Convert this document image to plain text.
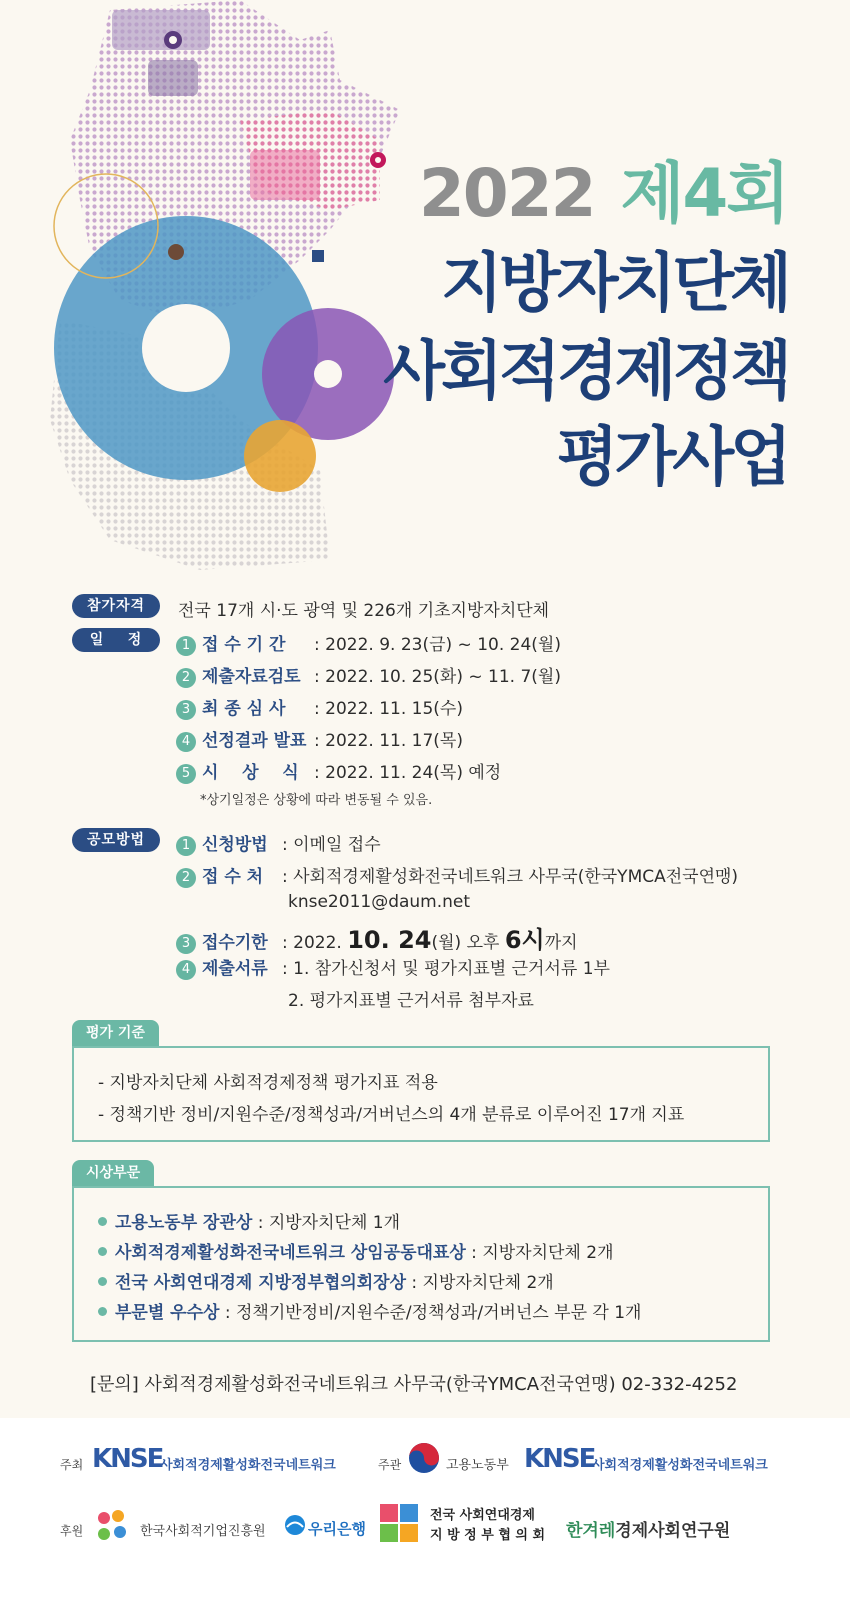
2022 제4회
지방자치단체
사회적경제정책
평가사업
참가자격	전국 17개 시·도 광역 및 226개 기초지방자치단체
일    정	1 접 수 기 간 : 2022. 9. 23(금) ~ 10. 24(월)
2 제출자료검토 : 2022. 10. 25(화) ~ 11. 7(월)
3 최 종 심 사 : 2022. 11. 15(수)
4 선정결과 발표 : 2022. 11. 17(목)
5 시    상    식 : 2022. 11. 24(목) 예정
*상기일정은 상황에 따라 변동될 수 있음.
공모방법	1 신청방법 : 이메일 접수
2 접 수 처 : 사회적경제활성화전국네트워크 사무국(한국YMCA전국연맹)
knse2011@daum.net
3 접수기한 : 2022. 10. 24(월) 오후 6시까지
4 제출서류 : 1. 참가신청서 및 평가지표별 근거서류 1부
2. 평가지표별 근거서류 첨부자료
평가 기준
- 지방자치단체 사회적경제정책 평가지표 적용
- 정책기반 정비/지원수준/정책성과/거버넌스의 4개 분류로 이루어진 17개 지표
시상부문
고용노동부 장관상 : 지방자치단체 1개
사회적경제활성화전국네트워크 상임공동대표상 : 지방자치단체 2개
전국 사회연대경제 지방정부협의회장상 : 지방자치단체 2개
부문별 우수상 : 정책기반정비/지원수준/정책성과/거버넌스 부문 각 1개
[문의] 사회적경제활성화전국네트워크 사무국(한국YMCA전국연맹) 02-332-4252
주최 KNSE
사회적경제활성화전국네트워크	주관	고용노동부 KNSE
사회적경제활성화전국네트워크
후원	한국사회적기업진흥원	우리은행
전국 사회연대경제
지 방 정 부 협 의 회 한겨레경제사회연구원
